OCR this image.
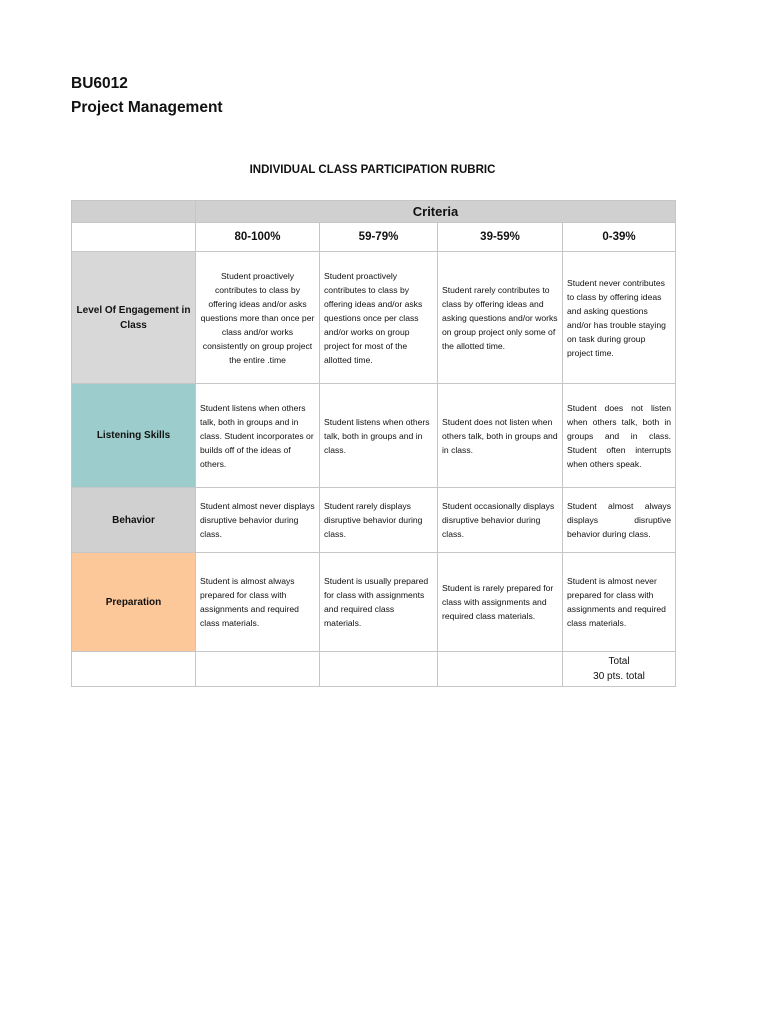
BU6012
Project Management
INDIVIDUAL CLASS PARTICIPATION RUBRIC
	Criteria			
	80-100%	59-79%	39-59%	0-39%
Level Of Engagement in Class	Student proactively contributes to class by offering ideas and/or asks questions more than once per class and/or works consistently on group project the entire .time	Student proactively contributes to class by offering ideas and/or asks questions once per class and/or works on group project for most of the allotted time.	Student rarely contributes to class by offering ideas and asking questions and/or works on group project only some of the allotted time.	Student never contributes to class by offering ideas and asking questions and/or has trouble staying on task during group project time.
Listening Skills	Student listens when others talk, both in groups and in class. Student incorporates or builds off of the ideas of others.	Student listens when others talk, both in groups and in class.	Student does not listen when others talk, both in groups and in class.	Student does not listen when others talk, both in groups and in class. Student often interrupts when others speak.
Behavior	Student almost never displays disruptive behavior during class.	Student rarely displays disruptive behavior during class.	Student occasionally displays disruptive behavior during class.	Student almost always displays disruptive behavior during class.
Preparation	Student is almost always prepared for class with assignments and required class materials.	Student is usually prepared for class with assignments and required class materials.	Student is rarely prepared for class with assignments and required class materials.	Student is almost never prepared for class with assignments and required class materials.

				Total
30 pts. total
